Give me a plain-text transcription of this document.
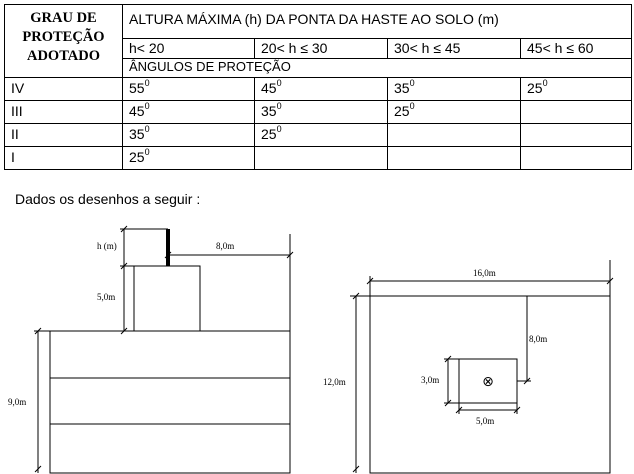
GRAU DE
PROTEÇÃO
ADOTADO	ALTURA MÁXIMA (h) DA PONTA DA HASTE AO SOLO (m)			
	h< 20	20< h ≤ 30	30< h ≤ 45	45< h ≤ 60
	ÂNGULOS DE PROTEÇÃO			
IV	$55^0$	$45^0$	$35^0$	$25^0$
III	$45^0$	$35^0$	$25^0$	
II	$35^0$	$25^0$		
I	$25^0$			
Dados os desenhos a seguir :
h (m)	8,0m
5,0m
9,0m
16,0m
12,0m
8,0m
3,0m
5,0m
⊗
